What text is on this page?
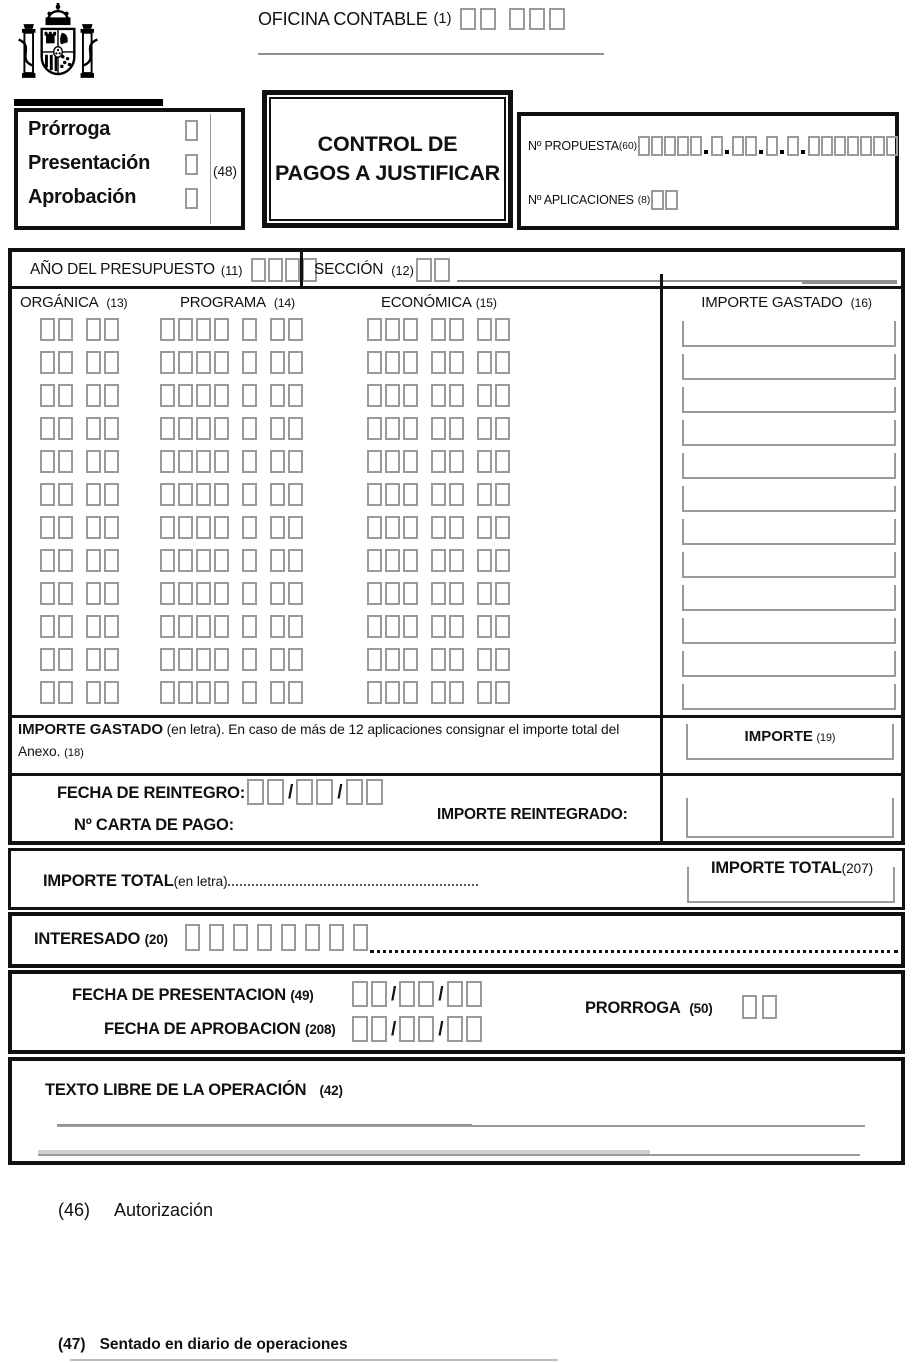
OFICINA CONTABLE (1)
Prórroga
Presentación
Aprobación
(48)
CONTROL DE
PAGOS A JUSTIFICAR
Nº PROPUESTA (60)
Nº APLICACIONES (8)
AÑO DEL PRESUPUESTO (11)	SECCIÓN (12)
ORGÁNICA (13)	PROGRAMA (14)	ECONÓMICA (15)	IMPORTE GASTADO (16)
IMPORTE GASTADO (en letra). En caso de más de 12 aplicaciones consignar el importe total del Anexo. (18)
IMPORTE (19)
FECHA DE REINTEGRO: / /
Nº CARTA DE PAGO:
IMPORTE REINTEGRADO:
IMPORTE TOTAL (en letra)
IMPORTE TOTAL(207)
INTERESADO (20)
FECHA DE PRESENTACION (49)	/ /
PRORROGA (50)
FECHA DE APROBACION (208)	/ /
TEXTO LIBRE DE LA OPERACIÓN (42)
(46) Autorización
(47) Sentado en diario de operaciones
